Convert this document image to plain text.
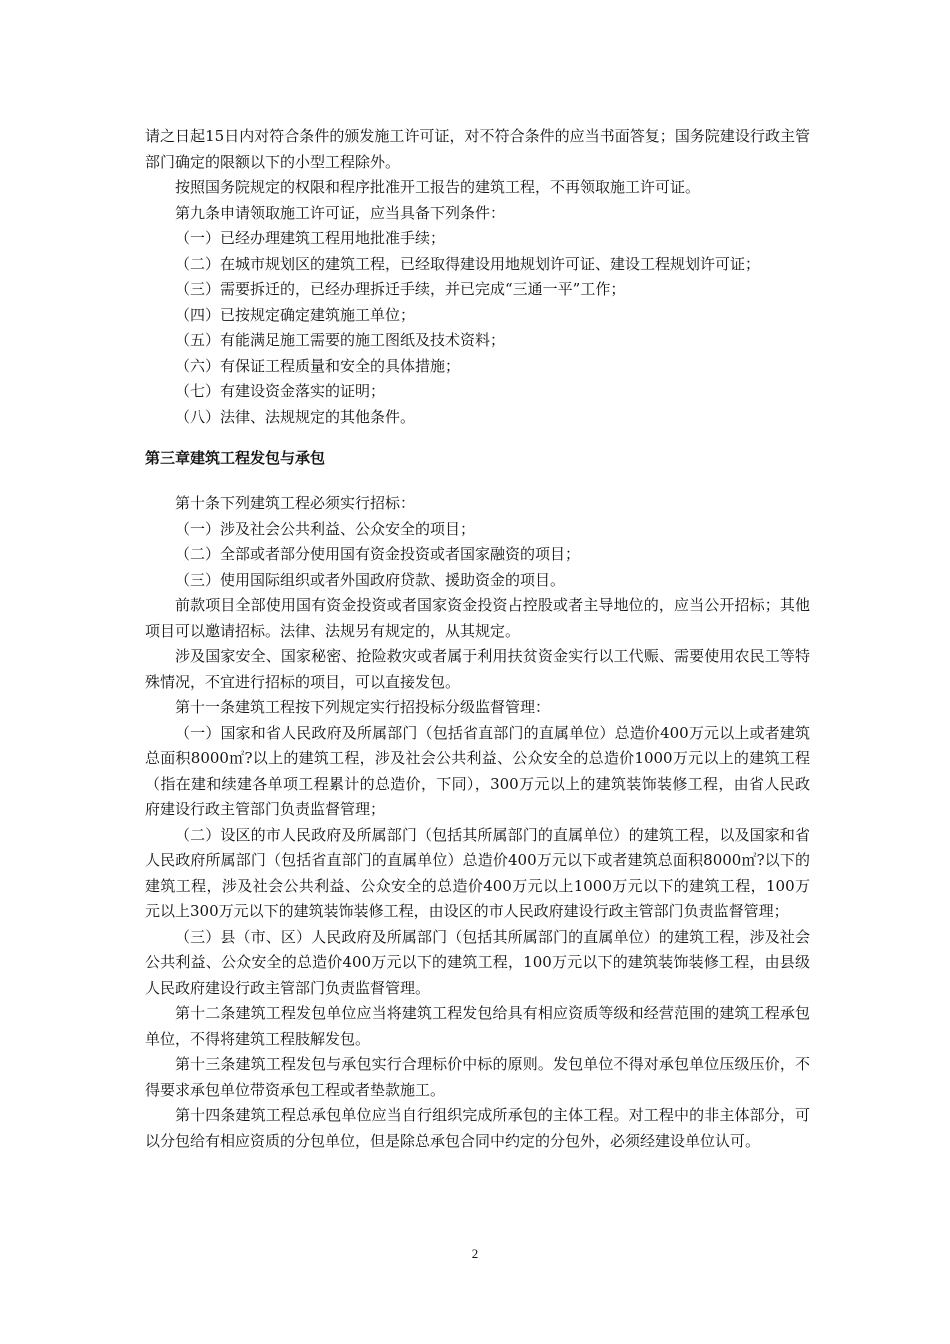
请之日起15日内对符合条件的颁发施工许可证，对不符合条件的应当书面答复；国务院建设行政主管部门确定的限额以下的小型工程除外。

按照国务院规定的权限和程序批准开工报告的建筑工程，不再领取施工许可证。

第九条申请领取施工许可证，应当具备下列条件：

（一）已经办理建筑工程用地批准手续；

（二）在城市规划区的建筑工程，已经取得建设用地规划许可证、建设工程规划许可证；

（三）需要拆迁的，已经办理拆迁手续，并已完成“三通一平”工作；

（四）已按规定确定建筑施工单位；

（五）有能满足施工需要的施工图纸及技术资料；

（六）有保证工程质量和安全的具体措施；

（七）有建设资金落实的证明；

（八）法律、法规规定的其他条件。

第三章建筑工程发包与承包

第十条下列建筑工程必须实行招标：

（一）涉及社会公共利益、公众安全的项目；

（二）全部或者部分使用国有资金投资或者国家融资的项目；

（三）使用国际组织或者外国政府贷款、援助资金的项目。

前款项目全部使用国有资金投资或者国家资金投资占控股或者主导地位的，应当公开招标；其他项目可以邀请招标。法律、法规另有规定的，从其规定。

涉及国家安全、国家秘密、抢险救灾或者属于利用扶贫资金实行以工代赈、需要使用农民工等特殊情况，不宜进行招标的项目，可以直接发包。

第十一条建筑工程按下列规定实行招投标分级监督管理：

（一）国家和省人民政府及所属部门（包括省直部门的直属单位）总造价400万元以上或者建筑总面积8000㎡?以上的建筑工程，涉及社会公共利益、公众安全的总造价1000万元以上的建筑工程（指在建和续建各单项工程累计的总造价，下同），300万元以上的建筑装饰装修工程，由省人民政府建设行政主管部门负责监督管理；

（二）设区的市人民政府及所属部门（包括其所属部门的直属单位）的建筑工程，以及国家和省人民政府所属部门（包括省直部门的直属单位）总造价400万元以下或者建筑总面积8000㎡?以下的建筑工程，涉及社会公共利益、公众安全的总造价400万元以上1000万元以下的建筑工程，100万元以上300万元以下的建筑装饰装修工程，由设区的市人民政府建设行政主管部门负责监督管理；

（三）县（市、区）人民政府及所属部门（包括其所属部门的直属单位）的建筑工程，涉及社会公共利益、公众安全的总造价400万元以下的建筑工程，100万元以下的建筑装饰装修工程，由县级人民政府建设行政主管部门负责监督管理。

第十二条建筑工程发包单位应当将建筑工程发包给具有相应资质等级和经营范围的建筑工程承包单位，不得将建筑工程肢解发包。

第十三条建筑工程发包与承包实行合理标价中标的原则。发包单位不得对承包单位压级压价，不得要求承包单位带资承包工程或者垫款施工。

第十四条建筑工程总承包单位应当自行组织完成所承包的主体工程。对工程中的非主体部分，可以分包给有相应资质的分包单位，但是除总承包合同中约定的分包外，必须经建设单位认可。

2
